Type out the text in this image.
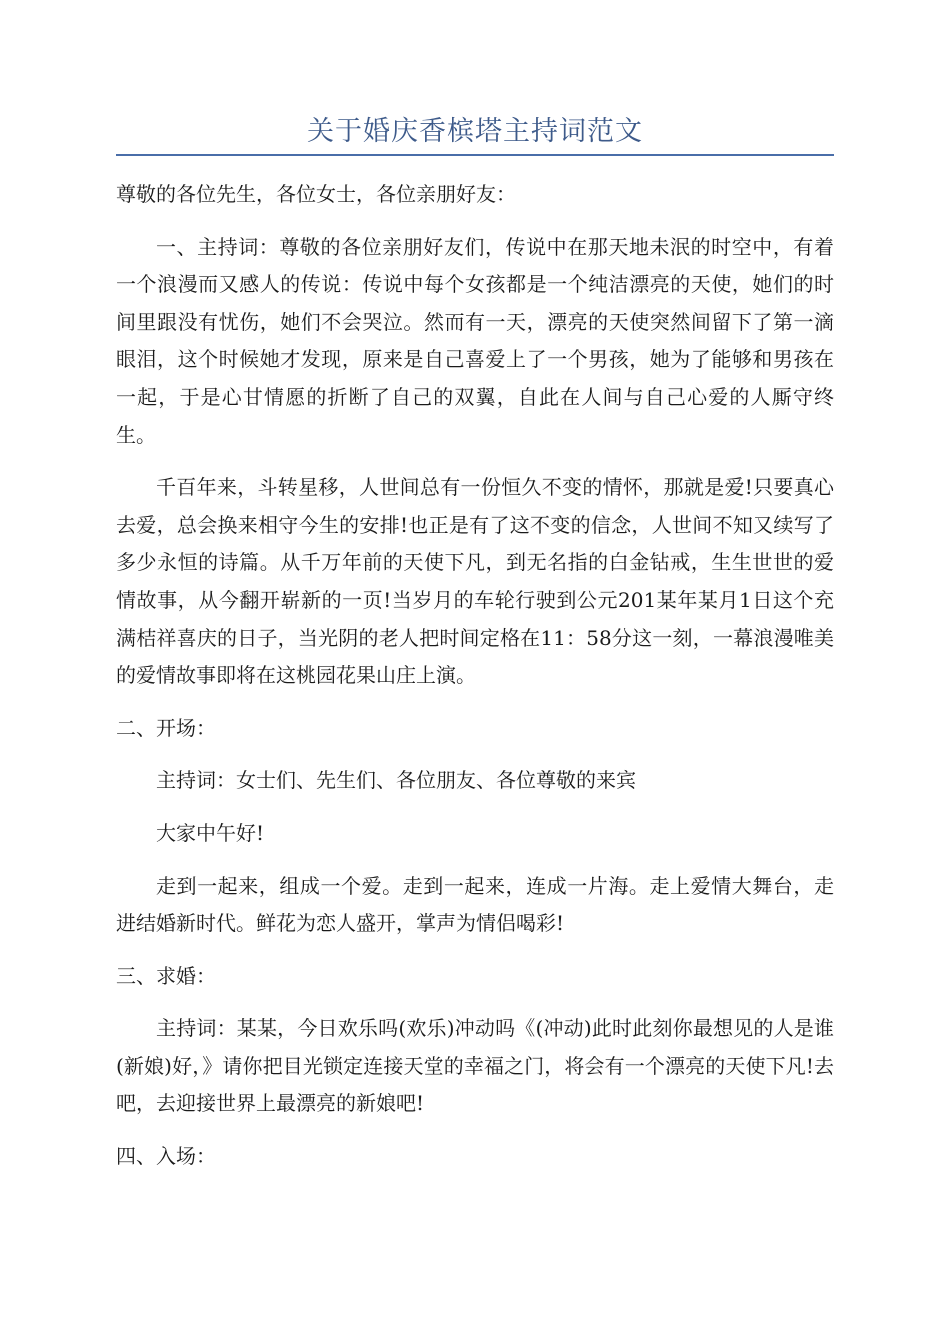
关于婚庆香槟塔主持词范文

尊敬的各位先生，各位女士，各位亲朋好友：

一、主持词：尊敬的各位亲朋好友们，传说中在那天地未泯的时空中，有着一个浪漫而又感人的传说：传说中每个女孩都是一个纯洁漂亮的天使，她们的时间里跟没有忧伤，她们不会哭泣。然而有一天，漂亮的天使突然间留下了第一滴眼泪，这个时候她才发现，原来是自己喜爱上了一个男孩，她为了能够和男孩在一起，于是心甘情愿的折断了自己的双翼，自此在人间与自己心爱的人厮守终生。

千百年来，斗转星移，人世间总有一份恒久不变的情怀，那就是爱!只要真心去爱，总会换来相守今生的安排!也正是有了这不变的信念，人世间不知又续写了多少永恒的诗篇。从千万年前的天使下凡，到无名指的白金钻戒，生生世世的爱情故事，从今翻开崭新的一页!当岁月的车轮行驶到公元201某年某月1日这个充满桔祥喜庆的日子，当光阴的老人把时间定格在11：58分这一刻，一幕浪漫唯美的爱情故事即将在这桃园花果山庄上演。

二、开场：

主持词：女士们、先生们、各位朋友、各位尊敬的来宾

大家中午好!

走到一起来，组成一个爱。走到一起来，连成一片海。走上爱情大舞台，走进结婚新时代。鲜花为恋人盛开，掌声为情侣喝彩!

三、求婚：

主持词：某某，今日欢乐吗(欢乐)冲动吗《(冲动)此时此刻你最想见的人是谁(新娘)好，》请你把目光锁定连接天堂的幸福之门，将会有一个漂亮的天使下凡!去吧，去迎接世界上最漂亮的新娘吧!

四、入场：
